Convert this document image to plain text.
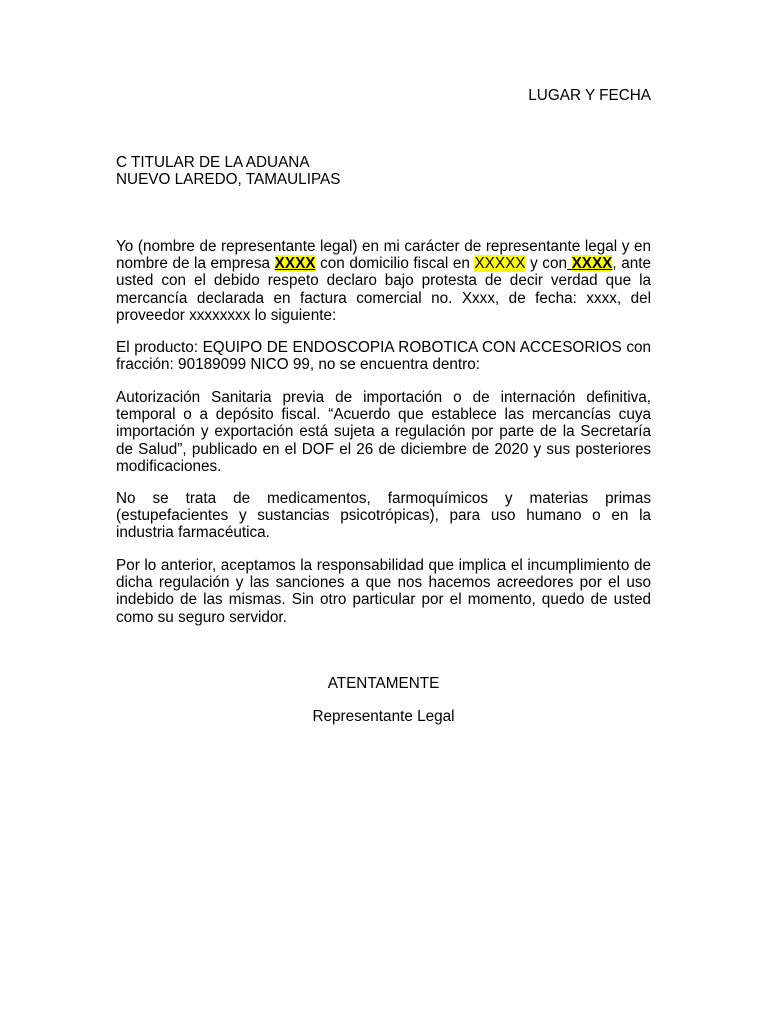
LUGAR Y FECHA
C TITULAR DE LA ADUANA
NUEVO LAREDO, TAMAULIPAS
Yo (nombre de representante legal) en mi carácter de representante legal y en nombre de la empresa XXXX con domicilio fiscal en XXXXX y con XXXX, ante usted con el debido respeto declaro bajo protesta de decir verdad que la mercancía declarada en factura comercial no. Xxxx, de fecha: xxxx, del proveedor xxxxxxxx lo siguiente:
El producto: EQUIPO DE ENDOSCOPIA ROBOTICA CON ACCESORIOS con fracción: 90189099 NICO 99, no se encuentra dentro:
Autorización Sanitaria previa de importación o de internación definitiva, temporal o a depósito fiscal. “Acuerdo que establece las mercancías cuya importación y exportación está sujeta a regulación por parte de la Secretaría de Salud”, publicado en el DOF el 26 de diciembre de 2020 y sus posteriores modificaciones.
No se trata de medicamentos, farmoquímicos y materias primas (estupefacientes y sustancias psicotrópicas), para uso humano o en la industria farmacéutica.
Por lo anterior, aceptamos la responsabilidad que implica el incumplimiento de dicha regulación y las sanciones a que nos hacemos acreedores por el uso indebido de las mismas. Sin otro particular por el momento, quedo de usted como su seguro servidor.
ATENTAMENTE
Representante Legal
